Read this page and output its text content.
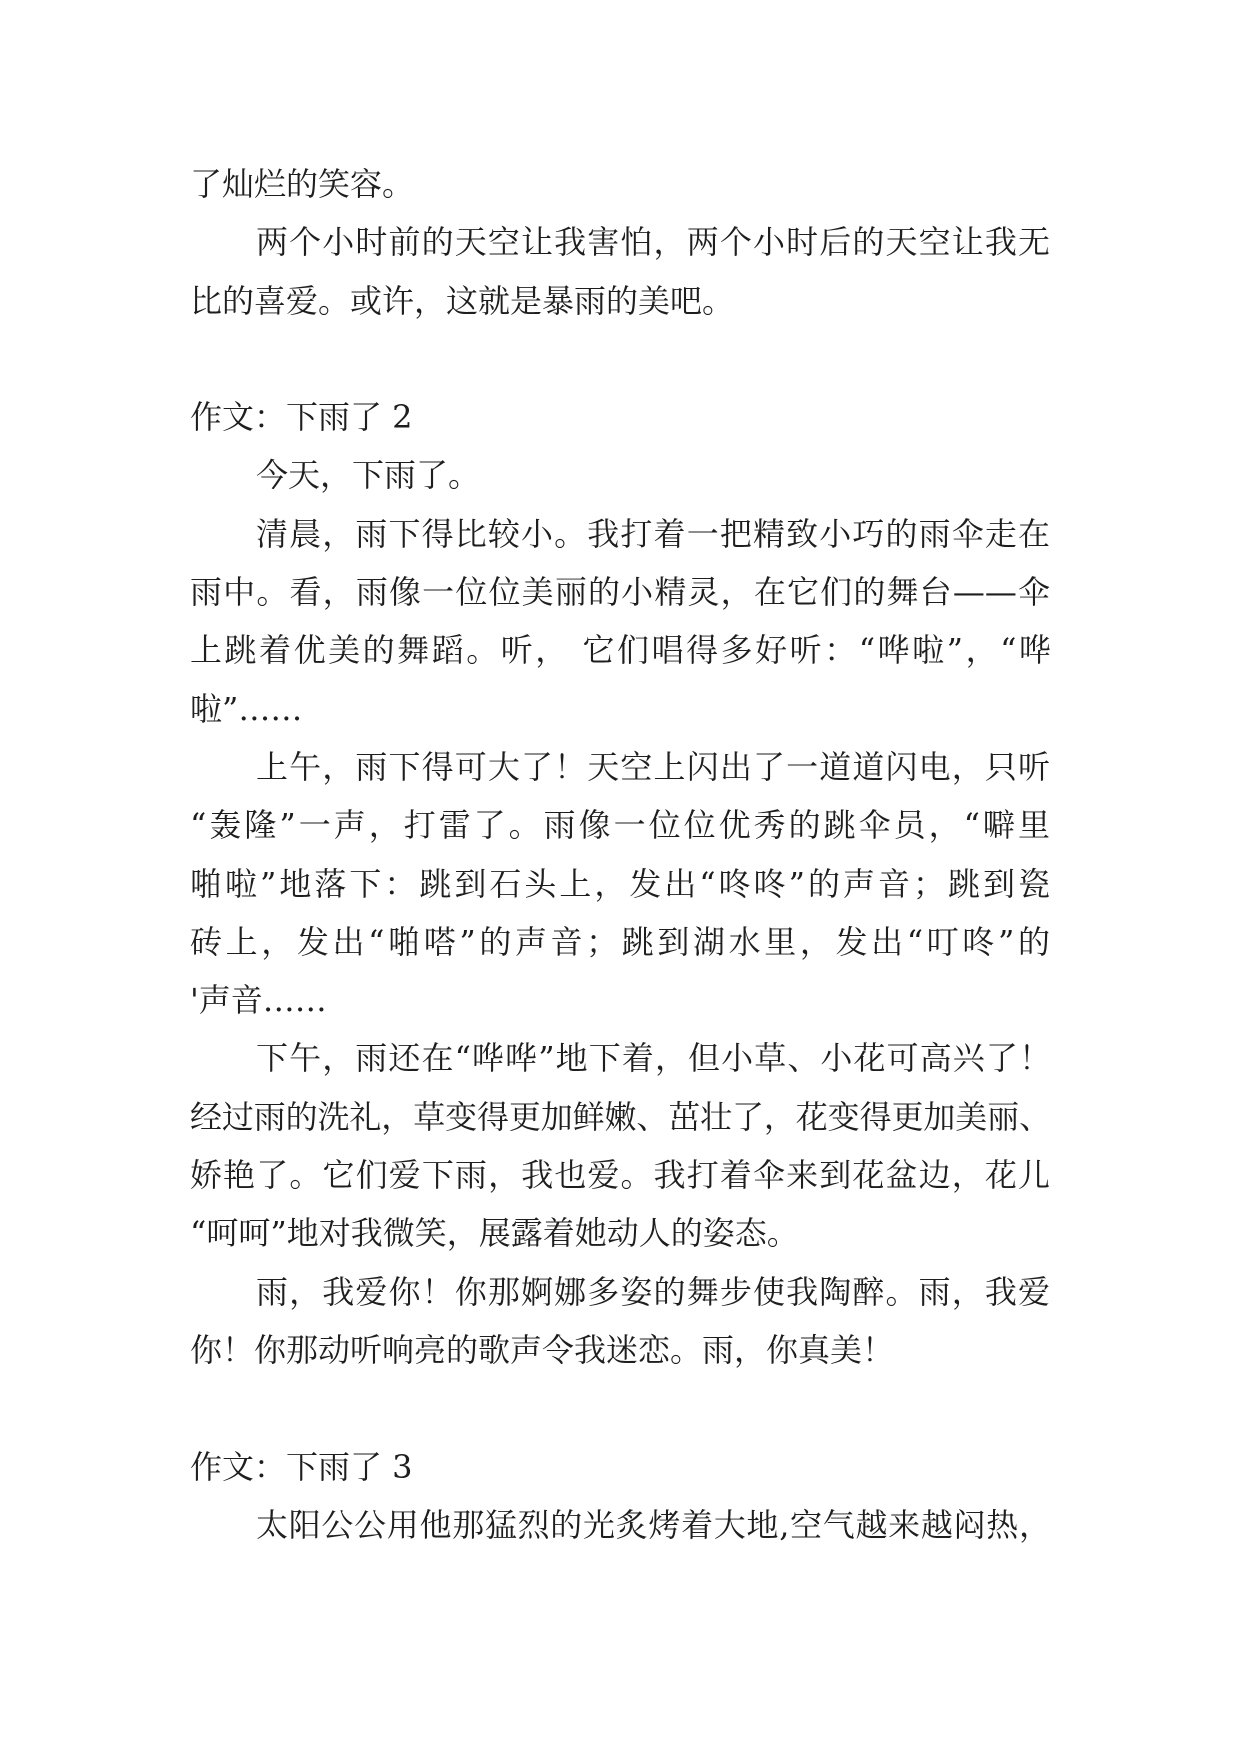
了灿烂的笑容。
两个小时前的天空让我害怕，两个小时后的天空让我无
比的喜爱。或许，这就是暴雨的美吧。
作文：下雨了 2
今天，下雨了。
清晨，雨下得比较小。我打着一把精致小巧的雨伞走在
雨中。看，雨像一位位美丽的小精灵，在它们的舞台——伞
上跳着优美的舞蹈。听， 它们唱得多好听：“哗啦”，“哗
啦”……
上午，雨下得可大了！天空上闪出了一道道闪电，只听
“轰隆”一声，打雷了。雨像一位位优秀的跳伞员，“噼里
啪啦”地落下：跳到石头上，发出“咚咚”的声音；跳到瓷
砖上，发出“啪嗒”的声音；跳到湖水里，发出“叮咚”的
'声音……
下午，雨还在“哗哗”地下着，但小草、小花可高兴了！
经过雨的洗礼，草变得更加鲜嫩、茁壮了，花变得更加美丽、
娇艳了。它们爱下雨，我也爱。我打着伞来到花盆边，花儿
“呵呵”地对我微笑，展露着她动人的姿态。
雨，我爱你！你那婀娜多姿的舞步使我陶醉。雨，我爱
你！你那动听响亮的歌声令我迷恋。雨，你真美！
作文：下雨了 3
太阳公公用他那猛烈的光炙烤着大地,空气越来越闷热，
